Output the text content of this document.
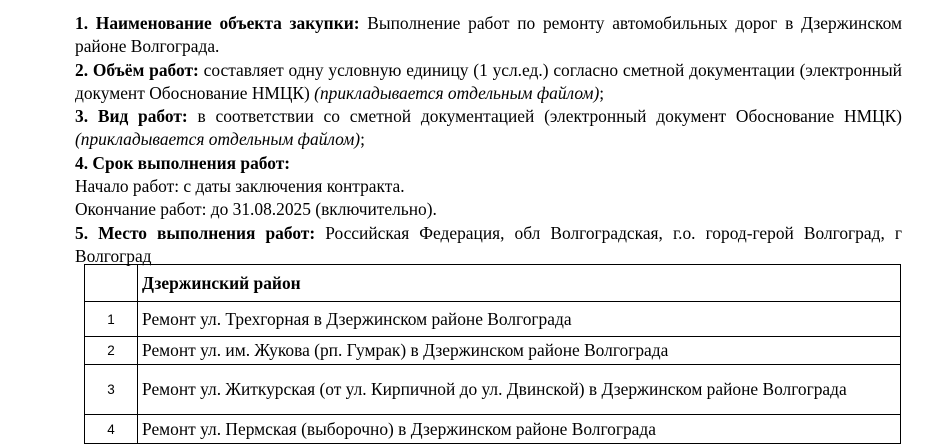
1. Наименование объекта закупки: Выполнение работ по ремонту автомобильных дорог в Дзержинском районе Волгограда.

2. Объём работ: составляет одну условную единицу (1 усл.ед.) согласно сметной документации (электронный документ Обоснование НМЦК) (прикладывается отдельным файлом);

3. Вид работ: в соответствии со сметной документацией (электронный документ Обоснование НМЦК) (прикладывается отдельным файлом);

4. Срок выполнения работ:

Начало работ: с даты заключения контракта.

Окончание работ: до 31.08.2025 (включительно).

5. Место выполнения работ: Российская Федерация, обл Волгоградская, г.о. город-герой Волгоград, г Волгоград

	Дзержинский район
1	Ремонт ул. Трехгорная в Дзержинском районе Волгограда
2	Ремонт ул. им. Жукова (рп. Гумрак) в Дзержинском районе Волгограда
3	Ремонт ул. Житкурская (от ул. Кирпичной до ул. Двинской) в Дзержинском районе Волгограда
4	Ремонт ул. Пермская (выборочно) в Дзержинском районе Волгограда
